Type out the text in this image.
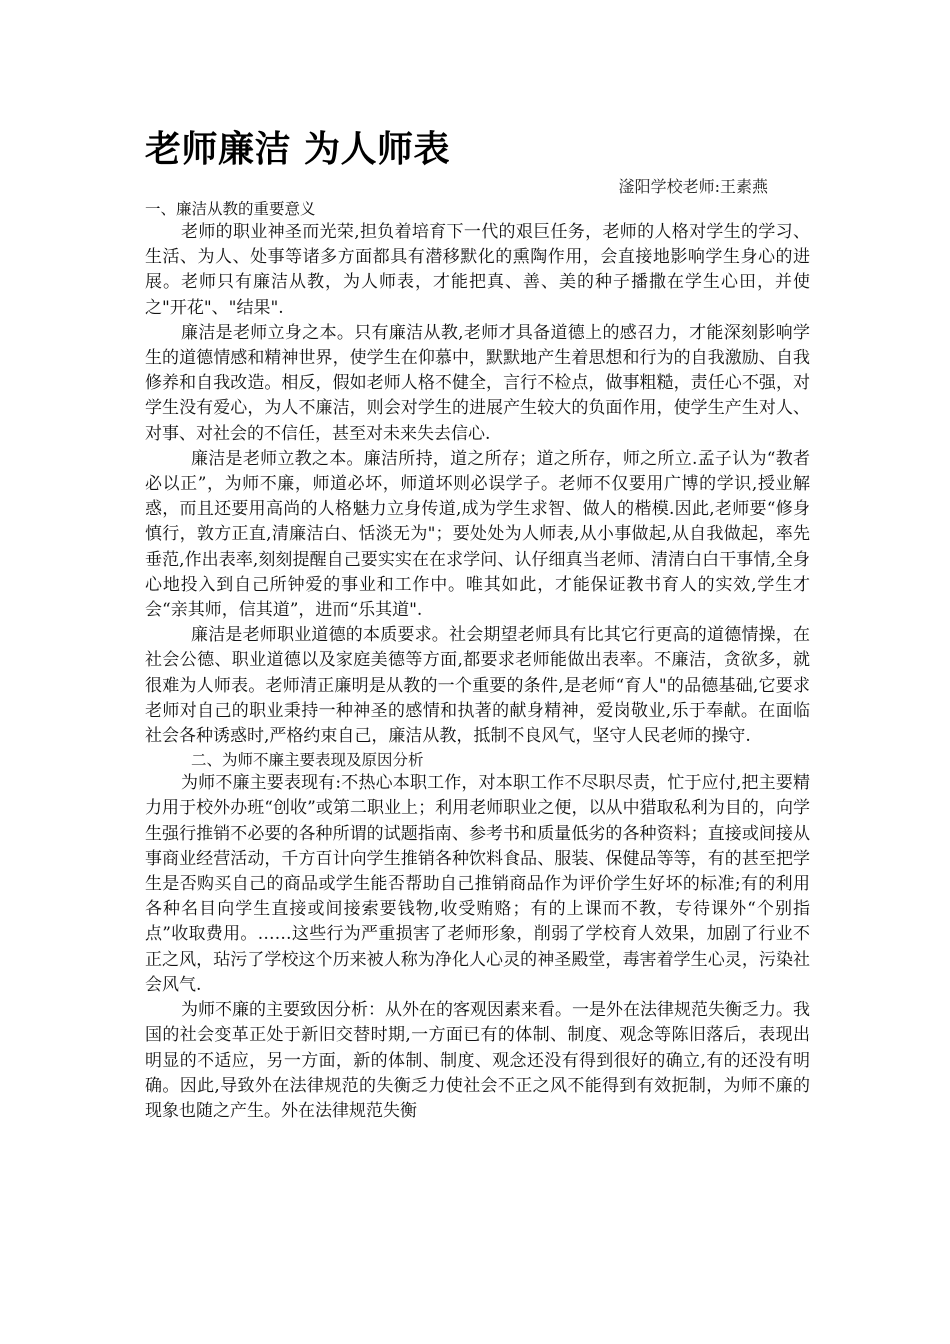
老师廉洁 为人师表

滏阳学校老师:王素燕

一、廉洁从教的重要意义

老师的职业神圣而光荣,担负着培育下一代的艰巨任务，老师的人格对学生的学习、生活、为人、处事等诸多方面都具有潜移默化的熏陶作用，会直接地影响学生身心的进展。老师只有廉洁从教，为人师表，才能把真、善、美的种子播撒在学生心田，并使之"开花"、"结果".

廉洁是老师立身之本。只有廉洁从教,老师才具备道德上的感召力，才能深刻影响学生的道德情感和精神世界，使学生在仰慕中，默默地产生着思想和行为的自我激励、自我修养和自我改造。相反，假如老师人格不健全，言行不检点，做事粗糙，责任心不强，对学生没有爱心，为人不廉洁，则会对学生的进展产生较大的负面作用，使学生产生对人、对事、对社会的不信任，甚至对未来失去信心.

廉洁是老师立教之本。廉洁所持，道之所存；道之所存，师之所立.孟子认为“教者必以正”，为师不廉，师道必坏，师道坏则必误学子。老师不仅要用广博的学识,授业解惑，而且还要用高尚的人格魅力立身传道,成为学生求智、做人的楷模.因此,老师要“修身慎行，敦方正直,清廉洁白、恬淡无为"；要处处为人师表,从小事做起,从自我做起，率先垂范,作出表率,刻刻提醒自己要实实在在求学问、认仔细真当老师、清清白白干事情,全身心地投入到自己所钟爱的事业和工作中。唯其如此，才能保证教书育人的实效,学生才会“亲其师，信其道”，进而“乐其道".

廉洁是老师职业道德的本质要求。社会期望老师具有比其它行更高的道德情操，在社会公德、职业道德以及家庭美德等方面,都要求老师能做出表率。不廉洁，贪欲多，就很难为人师表。老师清正廉明是从教的一个重要的条件,是老师“育人"的品德基础,它要求老师对自己的职业秉持一种神圣的感情和执著的献身精神，爱岗敬业,乐于奉献。在面临社会各种诱惑时,严格约束自己，廉洁从教，抵制不良风气，坚守人民老师的操守.

二、为师不廉主要表现及原因分析

为师不廉主要表现有:不热心本职工作，对本职工作不尽职尽责，忙于应付,把主要精力用于校外办班“创收”或第二职业上；利用老师职业之便，以从中猎取私利为目的，向学生强行推销不必要的各种所谓的试题指南、参考书和质量低劣的各种资料；直接或间接从事商业经营活动，千方百计向学生推销各种饮料食品、服装、保健品等等，有的甚至把学生是否购买自己的商品或学生能否帮助自己推销商品作为评价学生好坏的标准;有的利用各种名目向学生直接或间接索要钱物,收受贿赂；有的上课而不教，专待课外“个别指点”收取费用。……这些行为严重损害了老师形象，削弱了学校育人效果，加剧了行业不正之风，玷污了学校这个历来被人称为净化人心灵的神圣殿堂，毒害着学生心灵，污染社会风气.

为师不廉的主要致因分析：从外在的客观因素来看。一是外在法律规范失衡乏力。我国的社会变革正处于新旧交替时期,一方面已有的体制、制度、观念等陈旧落后，表现出明显的不适应，另一方面，新的体制、制度、观念还没有得到很好的确立,有的还没有明确。因此,导致外在法律规范的失衡乏力使社会不正之风不能得到有效扼制，为师不廉的现象也随之产生。外在法律规范失衡
